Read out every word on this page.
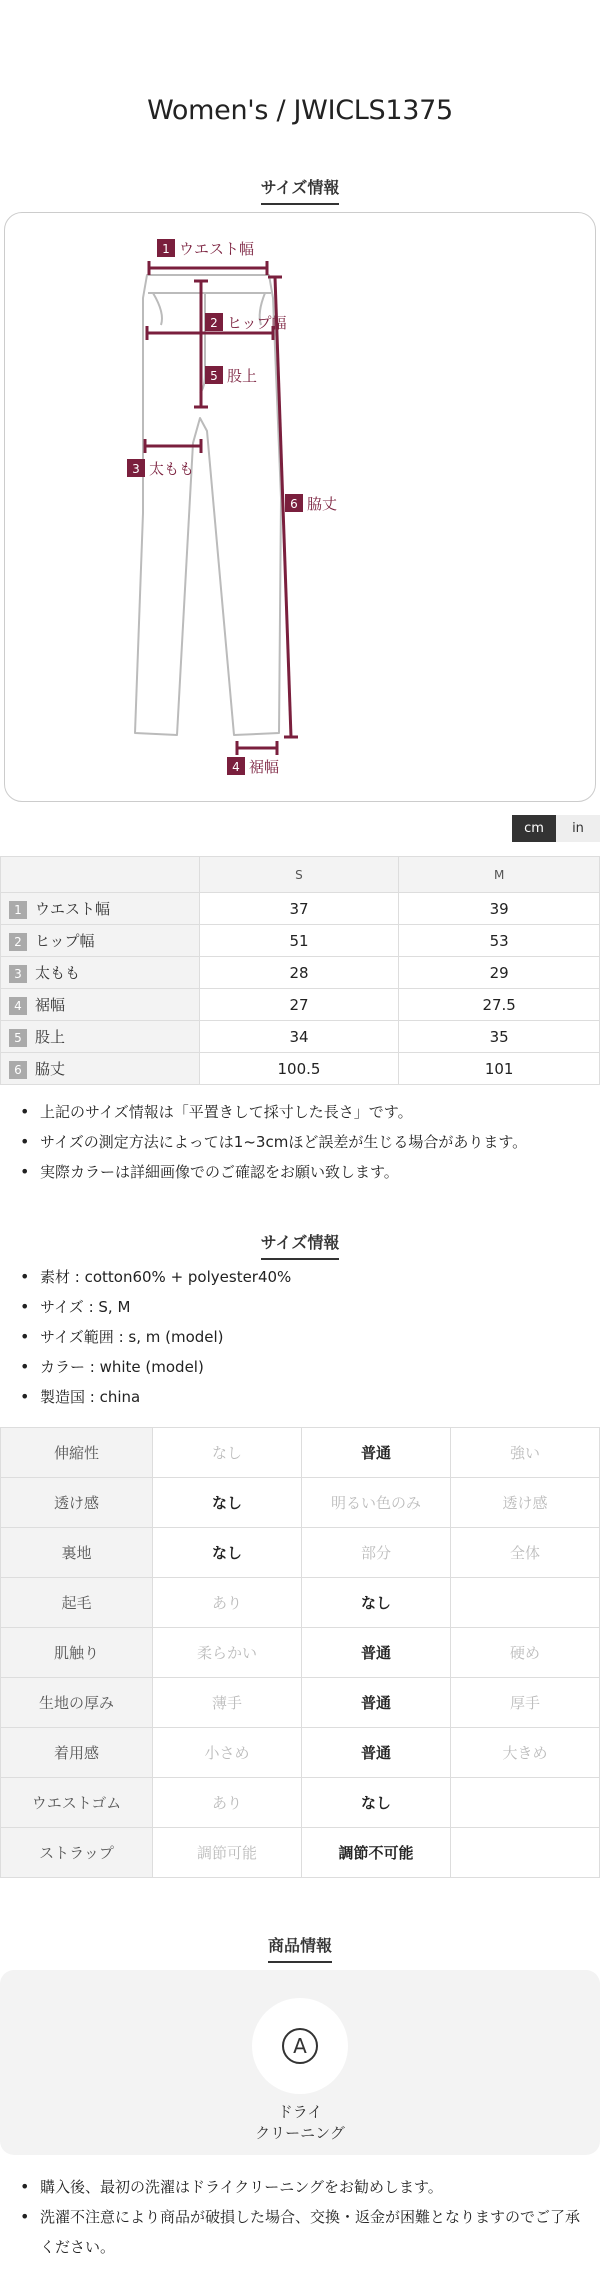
Women's / JWICLS1375
サイズ情報
1 ウエスト幅
2 ヒップ幅
5 股上
3 太もも
6 脇丈
4 裾幅
cm	in
	S	M
1 ウエスト幅	37	39
2 ヒップ幅	51	53
3 太もも	28	29
4 裾幅	27	27.5
5 股上	34	35
6 脇丈	100.5	101
• 上記のサイズ情報は「平置きして採寸した長さ」です。
• サイズの測定方法によっては1~3cmほど誤差が生じる場合があります。
• 実際カラーは詳細画像でのご確認をお願い致します。
サイズ情報
• 素材 : cotton60% + polyester40%
• サイズ : S, M
• サイズ範囲 : s, m (model)
• カラー : white (model)
• 製造国 : china
伸縮性	なし	普通	強い
透け感	なし	明るい色のみ	透け感
裏地	なし	部分	全体
起毛	あり	なし	
肌触り	柔らかい	普通	硬め
生地の厚み	薄手	普通	厚手
着用感	小さめ	普通	大きめ
ウエストゴム	あり	なし	
ストラップ	調節可能	調節不可能	
商品情報
A
ドライ
クリーニング
• 購入後、最初の洗濯はドライクリーニングをお勧めします。
• 洗濯不注意により商品が破損した場合、交換・返金が困難となりますのでご了承ください。
